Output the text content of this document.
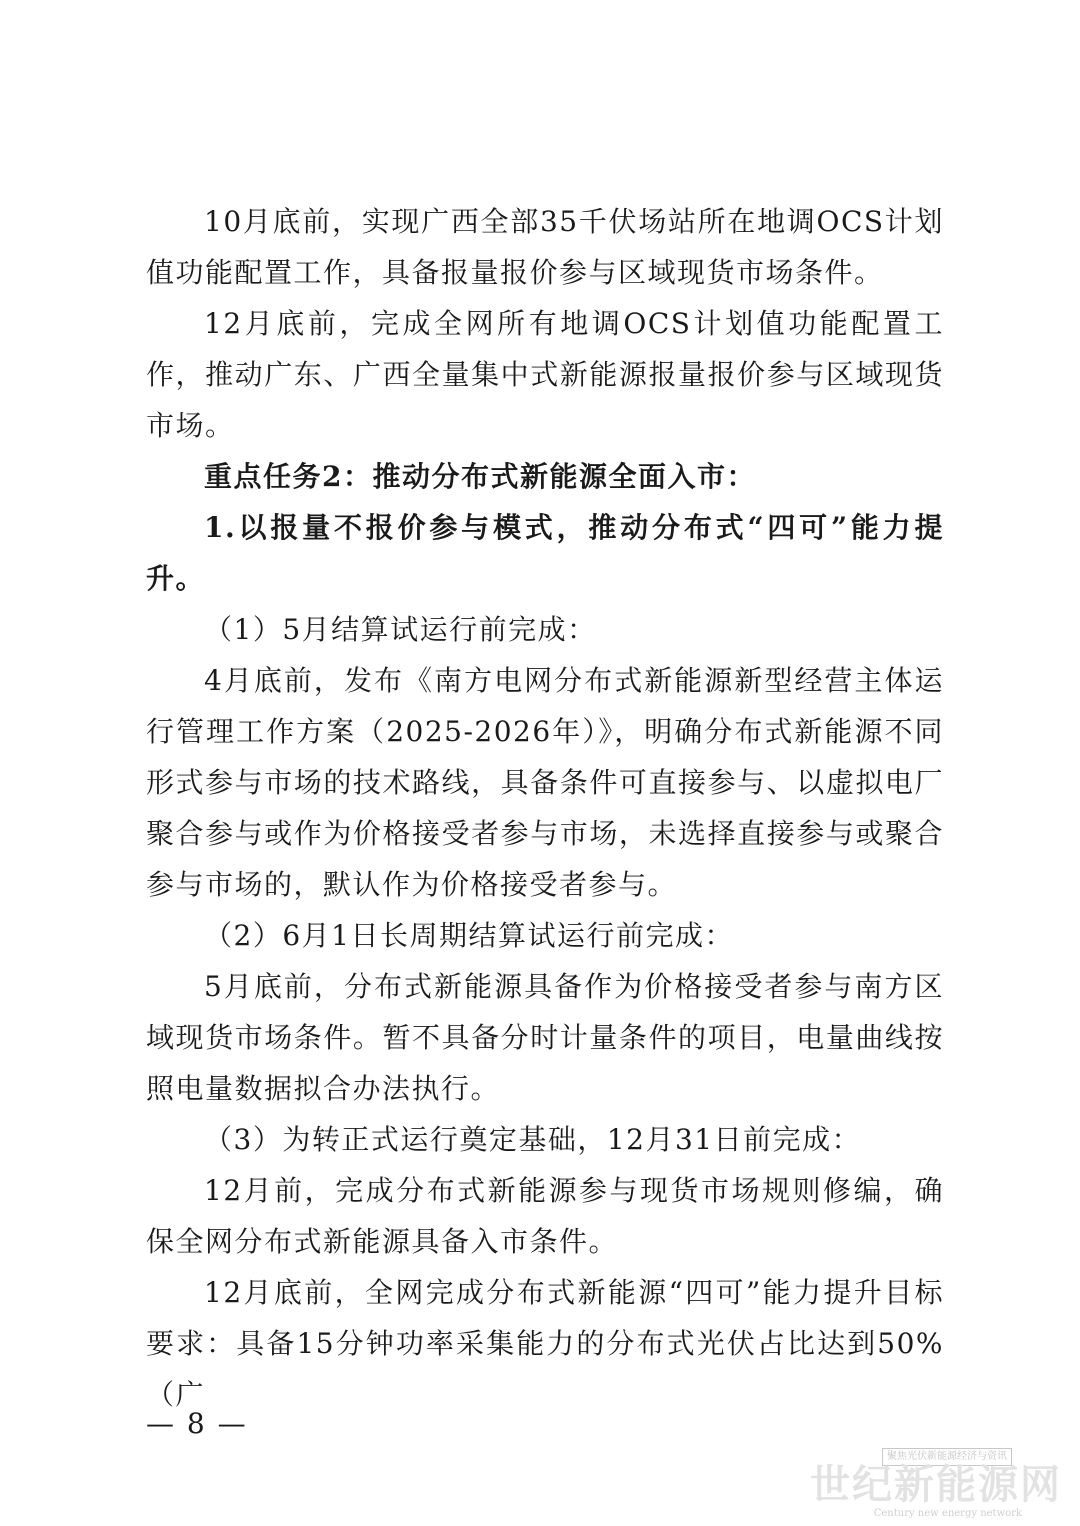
10月底前，实现广西全部35千伏场站所在地调OCS计划值功能配置工作，具备报量报价参与区域现货市场条件。

12月底前，完成全网所有地调OCS计划值功能配置工作，推动广东、广西全量集中式新能源报量报价参与区域现货市场。

重点任务2：推动分布式新能源全面入市：

1.以报量不报价参与模式，推动分布式“四可”能力提升。

（1）5月结算试运行前完成：

4月底前，发布《南方电网分布式新能源新型经营主体运行管理工作方案（2025-2026年）》，明确分布式新能源不同形式参与市场的技术路线，具备条件可直接参与、以虚拟电厂聚合参与或作为价格接受者参与市场，未选择直接参与或聚合参与市场的，默认作为价格接受者参与。

（2）6月1日长周期结算试运行前完成：

5月底前，分布式新能源具备作为价格接受者参与南方区域现货市场条件。暂不具备分时计量条件的项目，电量曲线按照电量数据拟合办法执行。

（3）为转正式运行奠定基础，12月31日前完成：

12月前，完成分布式新能源参与现货市场规则修编，确保全网分布式新能源具备入市条件。

12月底前，全网完成分布式新能源“四可”能力提升目标要求：具备15分钟功率采集能力的分布式光伏占比达到50%（广

— 8 —
聚焦光伏新能源经济与资讯
世纪新能源网
Century new energy network
